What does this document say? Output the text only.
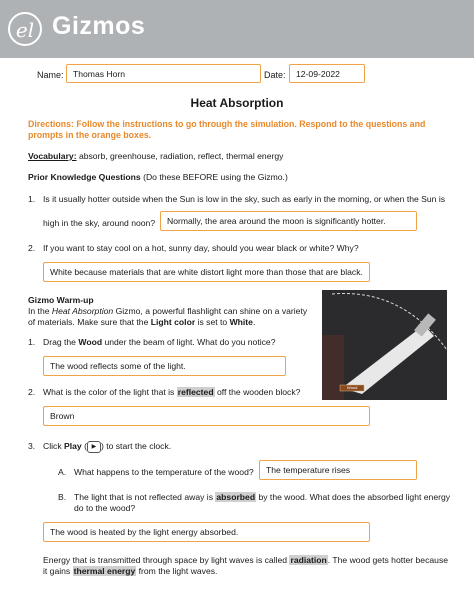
el Gizmos
Name: Thomas Horn	Date: 12-09-2022
Heat Absorption
Directions: Follow the instructions to go through the simulation. Respond to the questions and
prompts in the orange boxes.
Vocabulary: absorb, greenhouse, radiation, reflect, thermal energy
Prior Knowledge Questions (Do these BEFORE using the Gizmo.)
1. Is it usually hotter outside when the Sun is low in the sky, such as early in the morning, or when the Sun is
high in the sky, around noon? Normally, the area around the moon is significantly hotter.
2. If you want to stay cool on a hot, sunny day, should you wear black or white? Why?
White because materials that are white distort light more than those that are black.
Gizmo Warm-up
In the Heat Absorption Gizmo, a powerful flashlight can shine on a variety
of materials. Make sure that the Light color is set to White.
1. Drag the Wood under the beam of light. What do you notice?
The wood reflects some of the light.
2. What is the color of the light that is reflected off the wooden block?
Brown
3. Click Play ( ▶ ) to start the clock.
A. What happens to the temperature of the wood? The temperature rises
B. The light that is not reflected away is absorbed by the wood. What does the absorbed light energy
do to the wood?
The wood is heated by the light energy absorbed.
Energy that is transmitted through space by light waves is called radiation. The wood gets hotter because
it gains thermal energy from the light waves.
Wood
